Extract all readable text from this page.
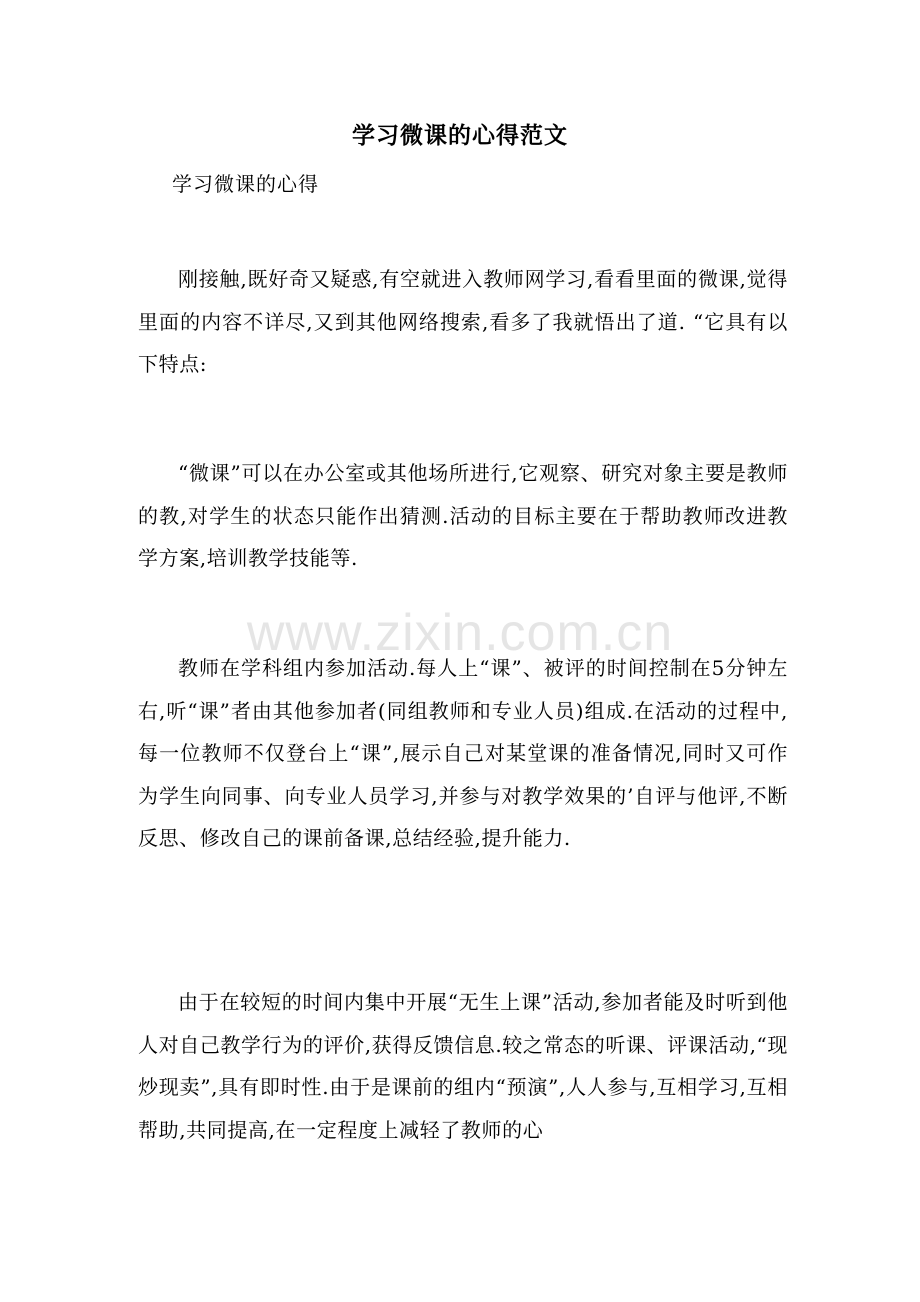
学习微课的心得范文
学习微课的心得

刚接触,既好奇又疑惑,有空就进入教师网学习,看看里面的微课,觉得里面的内容不详尽,又到其他网络搜索,看多了我就悟出了道. “它具有以下特点:

“微课”可以在办公室或其他场所进行,它观察、研究对象主要是教师的教,对学生的状态只能作出猜测.活动的目标主要在于帮助教师改进教学方案,培训教学技能等.

教师在学科组内参加活动.每人上“课”、被评的时间控制在5分钟左右,听“课”者由其他参加者(同组教师和专业人员)组成.在活动的过程中,每一位教师不仅登台上“课”,展示自己对某堂课的准备情况,同时又可作为学生向同事、向专业人员学习,并参与对教学效果的’自评与他评,不断反思、修改自己的课前备课,总结经验,提升能力.

由于在较短的时间内集中开展“无生上课”活动,参加者能及时听到他人对自己教学行为的评价,获得反馈信息.较之常态的听课、评课活动,“现炒现卖”,具有即时性.由于是课前的组内“预演”,人人参与,互相学习,互相帮助,共同提高,在一定程度上减轻了教师的心

www.zixin.com.cn
